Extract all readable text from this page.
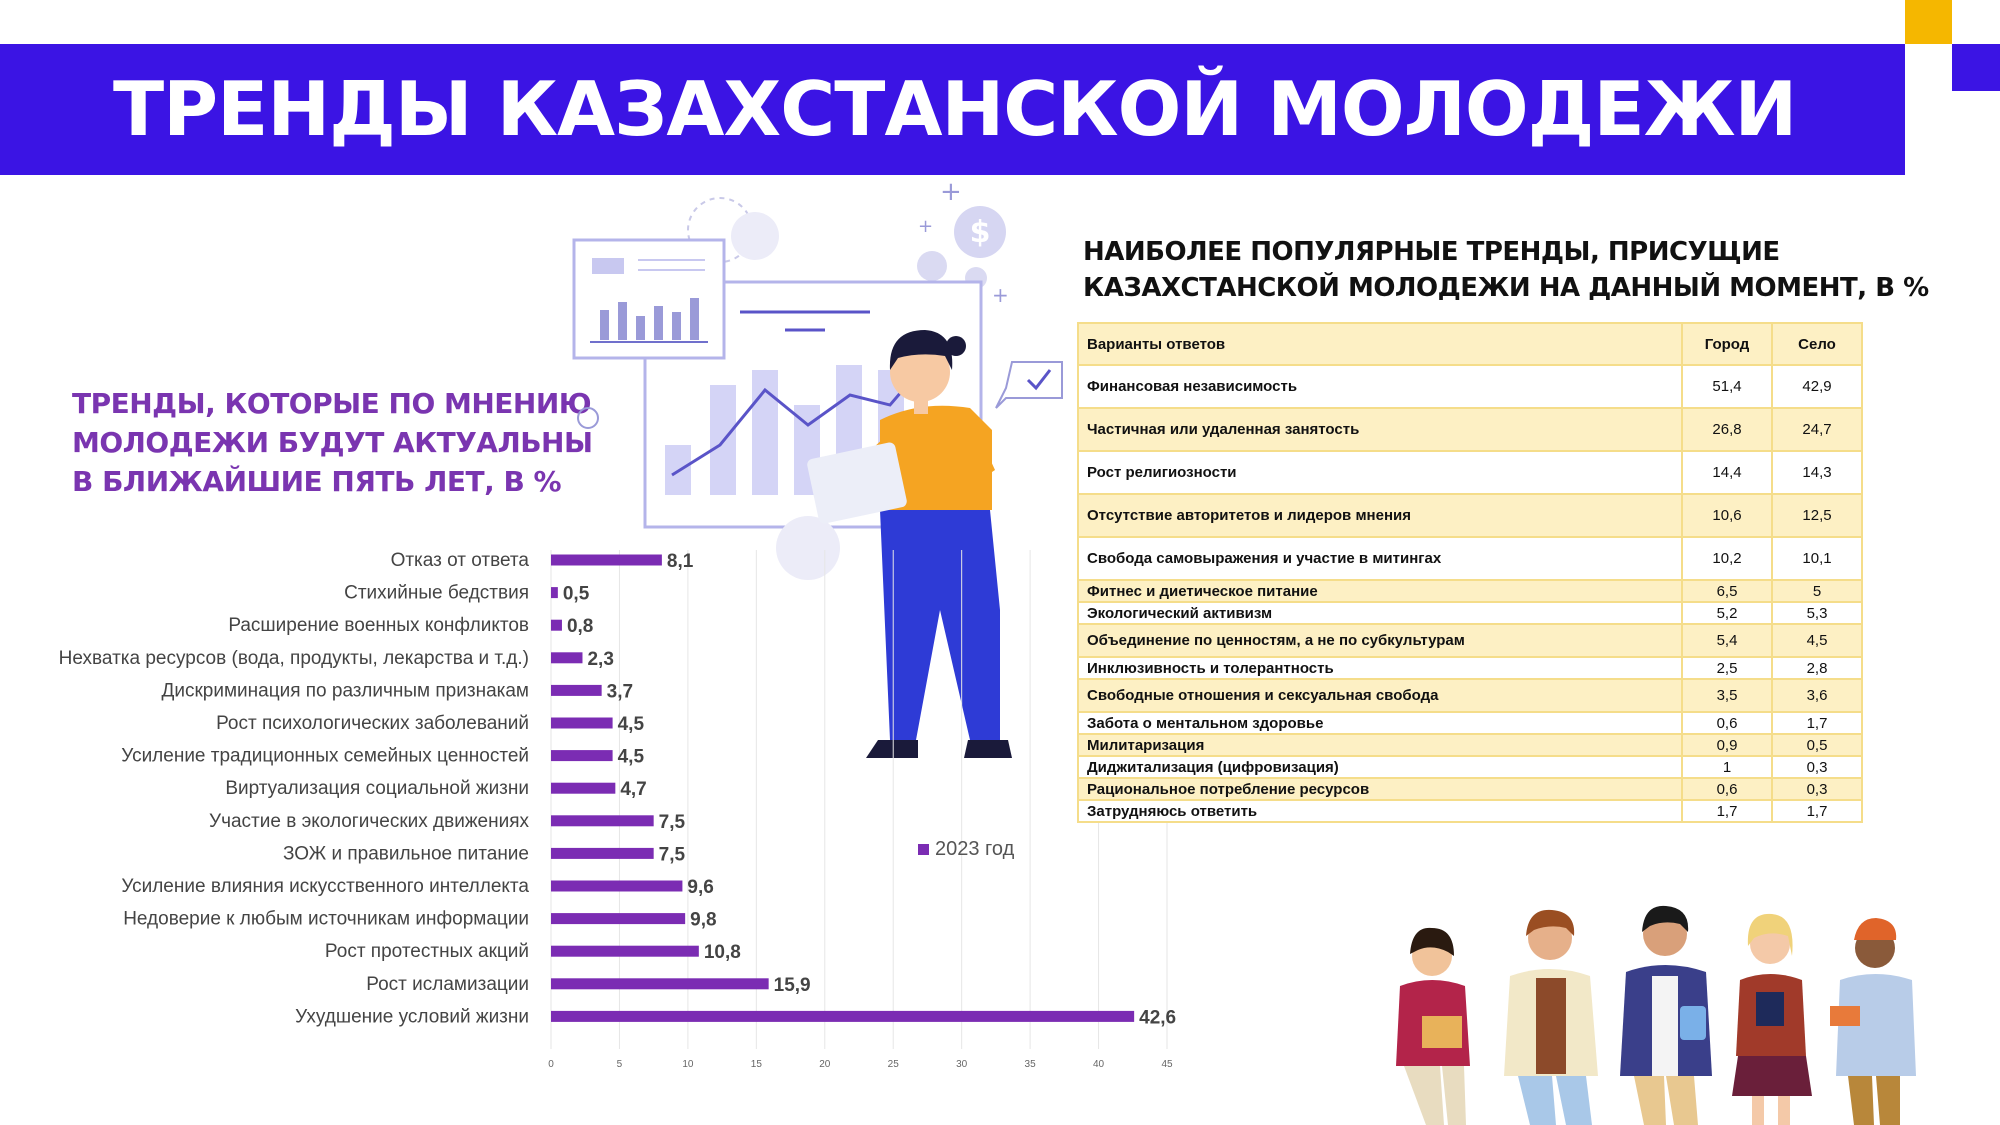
ТРЕНДЫ КАЗАХСТАНСКОЙ МОЛОДЕЖИ
ТРЕНДЫ, КОТОРЫЕ ПО МНЕНИЮ
МОЛОДЕЖИ БУДУТ АКТУАЛЬНЫ
В БЛИЖАЙШИЕ ПЯТЬ ЛЕТ, В %
НАИБОЛЕЕ ПОПУЛЯРНЫЕ ТРЕНДЫ, ПРИСУЩИЕ
КАЗАХСТАНСКОЙ МОЛОДЕЖИ НА ДАННЫЙ МОМЕНТ, В %
$
+
+
+
0	5	10	15	20	25	30	35	40	45
Отказ от ответа	8,1
Стихийные бедствия 0,5
Расширение военных конфликтов 0,8
Нехватка ресурсов (вода, продукты, лекарства и т.д.)	2,3
Дискриминация по различным признакам	3,7
Рост психологических заболеваний	4,5
Усиление традиционных семейных ценностей	4,5
Виртуализация социальной жизни	4,7
Участие в экологических движениях	7,5
ЗОЖ и правильное питание	7,5
Усиление влияния искусственного интеллекта	9,6
Недоверие к любым источникам информации	9,8
Рост протестных акций	10,8
Рост исламизации	15,9
Ухудшение условий жизни	42,6
2023 год
Варианты ответов	Город	Село
Финансовая независимость	51,4	42,9
Частичная или удаленная занятость	26,8	24,7
Рост религиозности	14,4	14,3
Отсутствие авторитетов и лидеров мнения	10,6	12,5
Свобода самовыражения и участие в митингах	10,2	10,1
Фитнес и диетическое питание	6,5	5
Экологический активизм	5,2	5,3
Объединение по ценностям, а не по субкультурам	5,4	4,5
Инклюзивность и толерантность	2,5	2,8
Свободные отношения и сексуальная свобода	3,5	3,6
Забота о ментальном здоровье	0,6	1,7
Милитаризация	0,9	0,5
Диджитализация (цифровизация)	1	0,3
Рациональное потребление ресурсов	0,6	0,3
Затрудняюсь ответить	1,7	1,7
